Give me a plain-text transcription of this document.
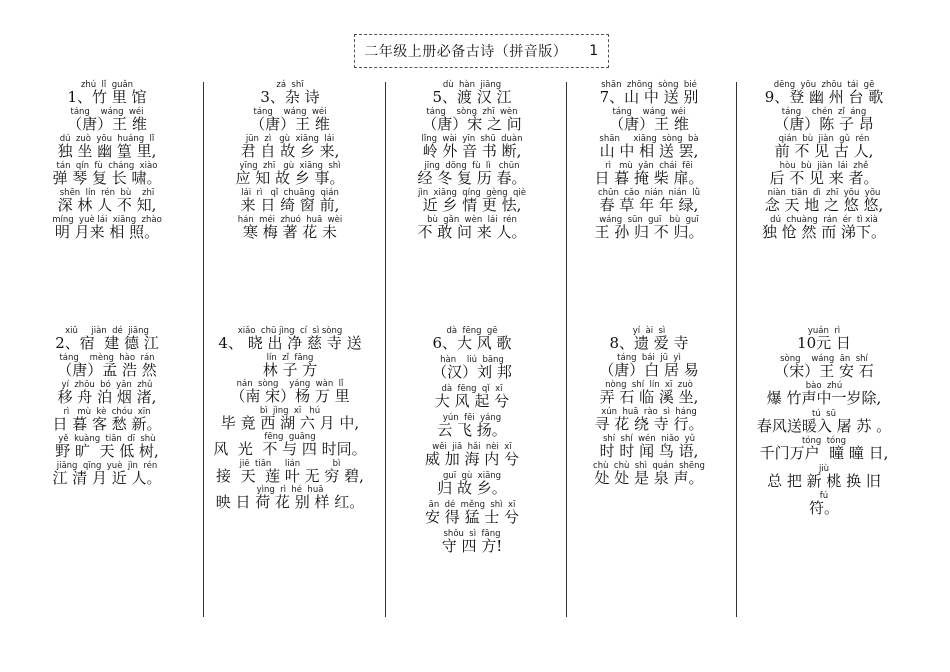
二年级上册必备古诗（拼音版） 1
zhú  lǐ  guǎn
1、竹 里 馆
táng    wáng  wéi
（唐）王 维
dú  zuò  yōu  huáng  lǐ
独 坐 幽 篁 里,
tán  qín  fù  cháng  xiào
弹 琴 复 长 啸。
shēn  lín  rén  bù    zhī
深 林 人 不 知,
míng  yuè lái  xiāng  zhào
明 月来 相 照。
zá  shī
3、杂 诗
táng    wáng  wéi
（唐）王 维
jūn  zì   gù  xiāng  lái
君 自 故 乡 来,
yīng  zhī   gù  xiāng  shì
应 知 故 乡 事。
lái  rì   qǐ  chuāng  qián
来 日 绮 窗 前,
hán  méi  zhuó  huā  wèi
寒 梅 著 花 未
dù  hàn  jiāng
5、渡 汉 江
táng    sòng  zhī  wèn
（唐）宋 之 问
lǐng  wài  yīn  shū  duàn
岭 外 音 书 断,
jīng  dōng  fù  lì   chūn
经 冬 复 历 春。
jìn  xiāng  qíng  gèng  qiè
近 乡 情 更 怯,
bù  gǎn  wèn  lái  rén
不 敢 问 来 人。
shān  zhōng  sòng  bié
7、山 中 送 别
táng    wáng  wéi
（唐）王 维
shān     xiāng  sòng  bà
山 中 相 送 罢,
rì   mù  yǎn  chái  fēi
日 暮 掩 柴 扉。
chūn  cǎo  nián  nián  lǜ
春 草 年 年 绿,
wáng  sūn  guī   bù  guī
王 孙 归 不 归。
dēng  yōu  zhōu  tái  gē
9、登 幽 州 台 歌
táng    chén  zǐ  áng
（唐）陈 子 昂
qián  bù  jiàn  gǔ  rén
前 不 见 古 人,
hòu  bù  jiàn  lái  zhě
后 不 见 来 者。
niàn  tiān  dì  zhī  yōu  yōu
念 天 地 之 悠 悠,
dú  chuàng  rán  ér  tì xià
独 怆 然 而 涕下。
xiǔ     jiàn  dé  jiāng
2、宿  建 德 江
táng    mèng  hào  rán
（唐）孟 浩 然
yí  zhōu  bó  yān  zhǔ
移 舟 泊 烟 渚,
rì   mù  kè  chóu  xīn
日 暮 客 愁 新。
yě  kuàng  tiān  dī  shù
野 旷  天 低 树,
jiāng  qīng  yuè  jìn  rén
江 清 月 近 人。
xiǎo  chū jìng  cí  sì sòng
4、 晓 出 净 慈 寺 送
lín  zǐ  fāng
林 子 方
nán  sòng    yáng  wàn  lǐ
（南 宋）杨 万 里
bì  jìng  xī   hú
毕 竟 西 湖 六 月 中,
fēng  guāng
风  光  不 与 四 时同。
jiē  tiān     lián            bì
接  天  莲 叶 无 穷 碧,
yìng  rì  hé  huā
映 日 荷 花 别 样 红。
dà  fēng  gē
6、大 风 歌
hàn    liú  bāng
（汉）刘 邦
dà  fēng  qǐ  xī
大 风 起 兮
yún  fēi  yáng
云 飞 扬。
wēi  jiā  hǎi  nèi  xī
威 加 海 内 兮
guī  gù  xiāng
归 故 乡。
ān  dé  měng  shì  xī
安 得 猛 士 兮
shǒu  sì  fāng
守 四 方!
yí  ài  sì
8、遗 爱 寺
táng  bái  jū  yì
（唐）白 居 易
nòng  shí  lín  xī  zuò
弄 石 临 溪 坐,
xún  huā  rào  sì  háng
寻 花 绕 寺 行。
shí  shí  wén  niǎo  yǔ
时 时 闻 鸟 语,
chù  chù  shì  quán  shēng
处 处 是 泉 声。
yuán  rì
10元 日
sòng    wáng  ān  shí
（宋）王 安 石
bào  zhú
爆 竹声中一岁除,
tú  sū
春风送暖入 屠 苏 。
tóng  tóng
千门万户  曈 曈 日,
jiù
总 把 新 桃 换 旧
fú
符。
